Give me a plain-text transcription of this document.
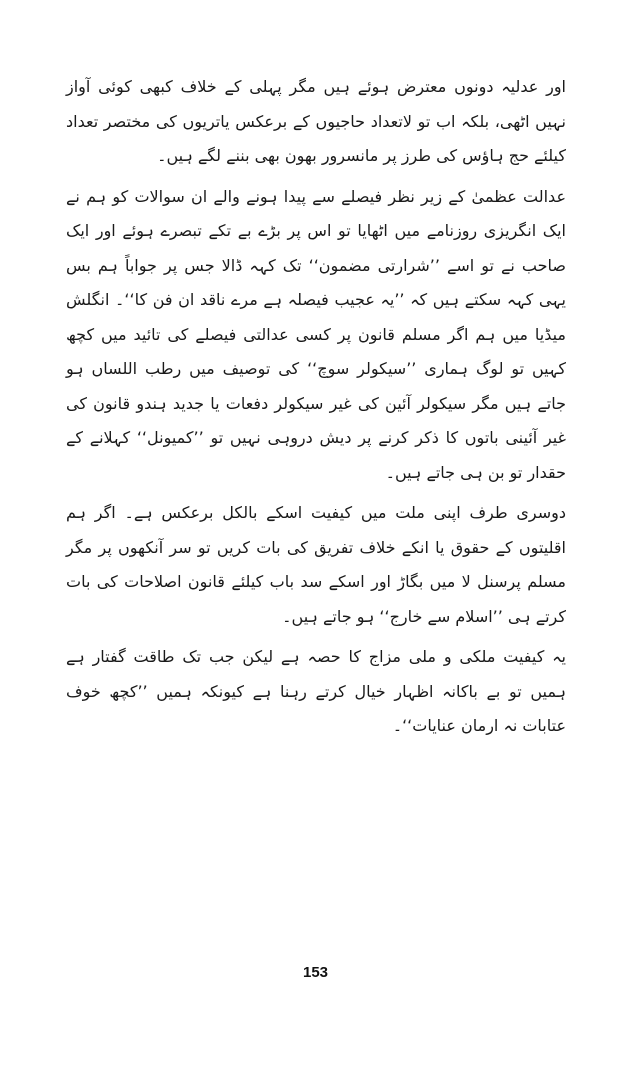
اور عدلیہ دونوں معترض ہوئے ہیں مگر پہلی کے خلاف کبھی کوئی آواز نہیں اٹھی، بلکہ اب تو لاتعداد حاجیوں کے برعکس یاتریوں کی مختصر تعداد کیلئے حج ہاؤس کی طرز پر مانسرور بھون بھی بننے لگے ہیں۔

عدالت عظمیٰ کے زیر نظر فیصلے سے پیدا ہونے والے ان سوالات کو ہم نے ایک انگریزی روزنامے میں اٹھایا تو اس پر بڑے بے تکے تبصرے ہوئے اور ایک صاحب نے تو اسے ’’شرارتی مضمون‘‘ تک کہہ ڈالا جس پر جواباً ہم بس یہی کہہ سکتے ہیں کہ ’’یہ عجیب فیصلہ ہے مرے ناقد ان فن کا‘‘۔ انگلش میڈیا میں ہم اگر مسلم قانون پر کسی عدالتی فیصلے کی تائید میں کچھ کہیں تو لوگ ہماری ’’سیکولر سوچ‘‘ کی توصیف میں رطب اللساں ہو جاتے ہیں مگر سیکولر آئین کی غیر سیکولر دفعات یا جدید ہندو قانون کی غیر آئینی باتوں کا ذکر کرنے پر دیش دروہی نہیں تو ’’کمیونل‘‘ کہلانے کے حقدار تو بن ہی جاتے ہیں۔

دوسری طرف اپنی ملت میں کیفیت اسکے بالکل برعکس ہے۔ اگر ہم اقلیتوں کے حقوق یا انکے خلاف تفریق کی بات کریں تو سر آنکھوں پر مگر مسلم پرسنل لا میں بگاڑ اور اسکے سد باب کیلئے قانون اصلاحات کی بات کرتے ہی ’’اسلام سے خارج‘‘ ہو جاتے ہیں۔

یہ کیفیت ملکی و ملی مزاج کا حصہ ہے لیکن جب تک طاقت گفتار ہے ہمیں تو بے باکانہ اظہار خیال کرتے رہنا ہے کیونکہ ہمیں ’’کچھ خوف عتابات نہ ارمان عنایات‘‘۔

153
